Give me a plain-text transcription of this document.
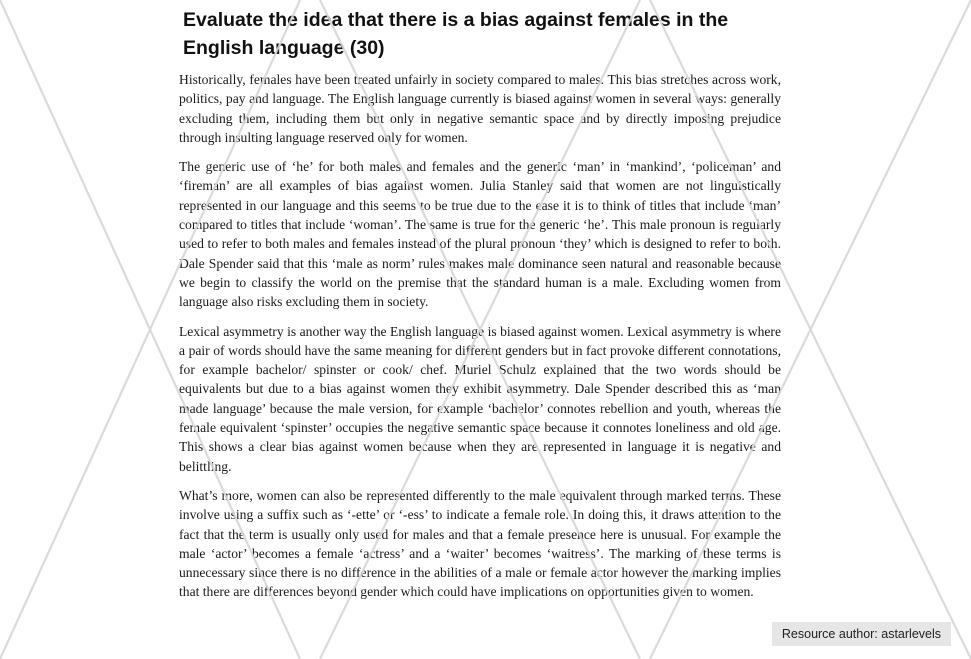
Evaluate the idea that there is a bias against females in the English language (30)

Historically, females have been treated unfairly in society compared to males. This bias stretches across work, politics, pay and language. The English language currently is biased against women in several ways: generally excluding them, including them but only in negative semantic space and by directly imposing prejudice through insulting language reserved only for women.

The generic use of ‘he’ for both males and females and the generic ‘man’ in ‘mankind’, ‘policeman’ and ‘fireman’ are all examples of bias against women. Julia Stanley said that women are not linguistically represented in our language and this seems to be true due to the ease it is to think of titles that include ‘man’ compared to titles that include ‘woman’. The same is true for the generic ‘he’. This male pronoun is regularly used to refer to both males and females instead of the plural pronoun ‘they’ which is designed to refer to both. Dale Spender said that this ‘male as norm’ rules makes male dominance seen natural and reasonable because we begin to classify the world on the premise that the standard human is a male. Excluding women from language also risks excluding them in society.

Lexical asymmetry is another way the English language is biased against women. Lexical asymmetry is where a pair of words should have the same meaning for different genders but in fact provoke different connotations, for example bachelor/ spinster or cook/ chef. Muriel Schulz explained that the two words should be equivalents but due to a bias against women they exhibit asymmetry. Dale Spender described this as ‘man made language’ because the male version, for example ‘bachelor’ connotes rebellion and youth, whereas the female equivalent ‘spinster’ occupies the negative semantic space because it connotes loneliness and old age. This shows a clear bias against women because when they are represented in language it is negative and belittling.

What’s more, women can also be represented differently to the male equivalent through marked terms. These involve using a suffix such as ‘-ette’ or ‘-ess’ to indicate a female role. In doing this, it draws attention to the fact that the term is usually only used for males and that a female presence here is unusual. For example the male ‘actor’ becomes a female ‘actress’ and a ‘waiter’ becomes ‘waitress’. The marking of these terms is unnecessary since there is no difference in the abilities of a male or female actor however the marking implies that there are differences beyond gender which could have implications on opportunities given to women.

Resource author: astarlevels
